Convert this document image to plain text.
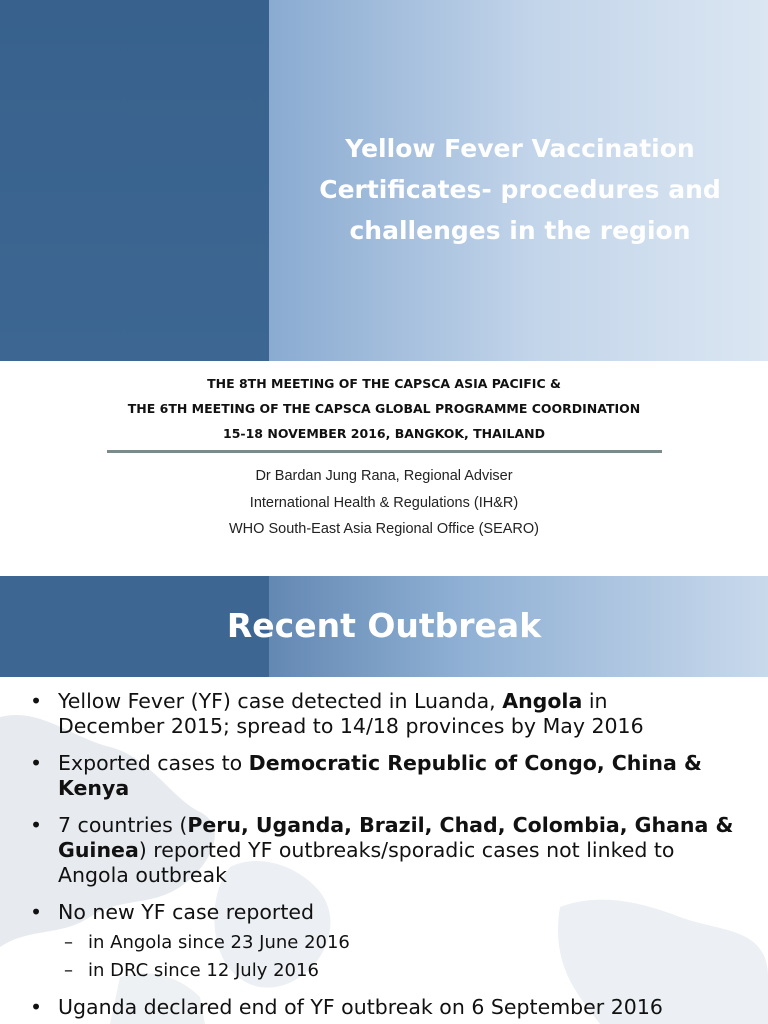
Yellow Fever Vaccination
Certificates- procedures and
challenges in the region
THE 8TH MEETING OF THE CAPSCA ASIA PACIFIC &
THE 6TH MEETING OF THE CAPSCA GLOBAL PROGRAMME COORDINATION
15-18 NOVEMBER 2016, BANGKOK, THAILAND
Dr Bardan Jung Rana, Regional Adviser
International Health & Regulations (IH&R)
WHO South-East Asia Regional Office (SEARO)
Recent Outbreak
• Yellow Fever (YF) case detected in Luanda, Angola in
December 2015; spread to 14/18 provinces by May 2016
• Exported cases to Democratic Republic of Congo, China &
Kenya
• 7 countries (Peru, Uganda, Brazil, Chad, Colombia, Ghana &
Guinea) reported YF outbreaks/sporadic cases not linked to
Angola outbreak
• No new YF case reported
– in Angola since 23 June 2016
– in DRC since 12 July 2016
• Uganda declared end of YF outbreak on 6 September 2016
